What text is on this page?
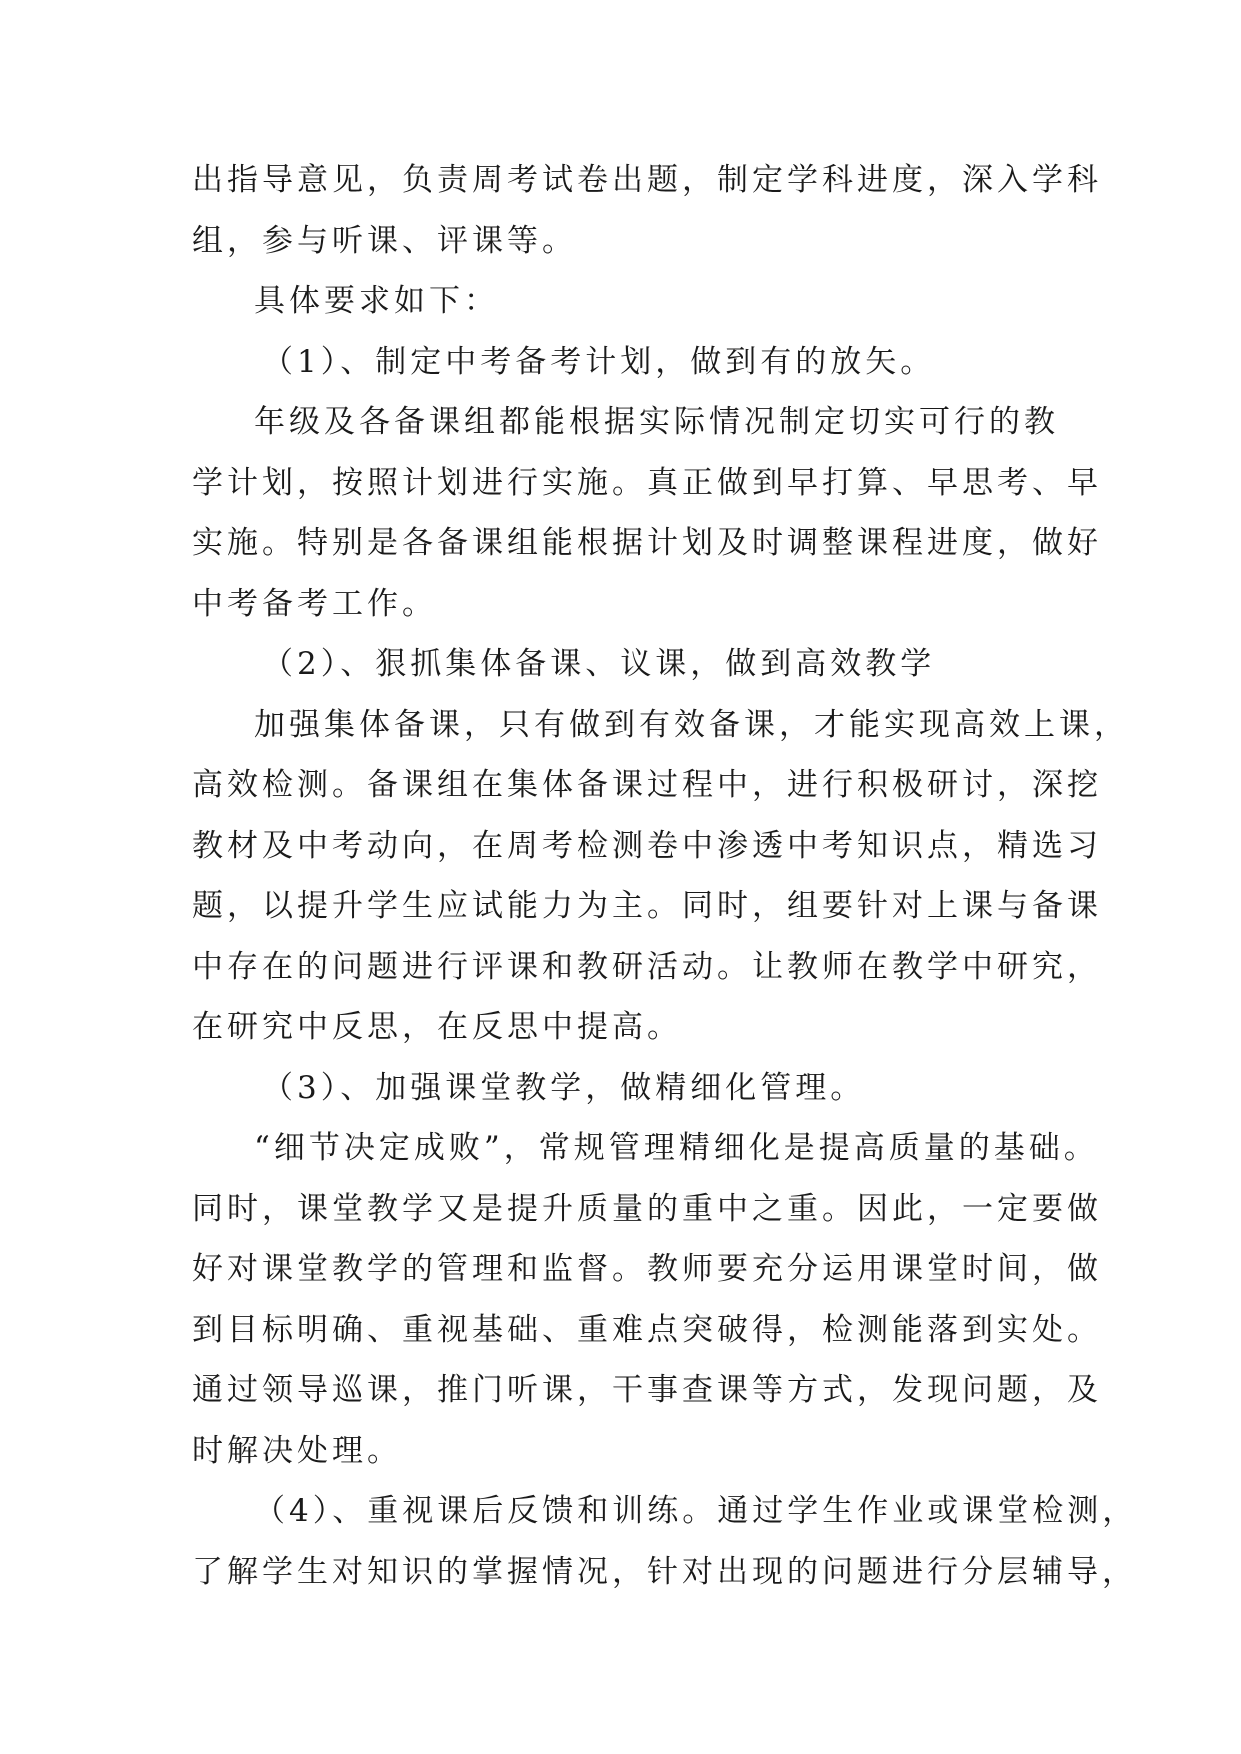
出指导意见，负责周考试卷出题，制定学科进度，深入学科
组，参与听课、评课等。
具体要求如下：
（1）、制定中考备考计划，做到有的放矢。
年级及各备课组都能根据实际情况制定切实可行的教
学计划，按照计划进行实施。真正做到早打算、早思考、早
实施。特别是各备课组能根据计划及时调整课程进度，做好
中考备考工作。
（2）、狠抓集体备课、议课，做到高效教学
加强集体备课，只有做到有效备课，才能实现高效上课，
高效检测。备课组在集体备课过程中，进行积极研讨，深挖
教材及中考动向，在周考检测卷中渗透中考知识点，精选习
题，以提升学生应试能力为主。同时，组要针对上课与备课
中存在的问题进行评课和教研活动。让教师在教学中研究，
在研究中反思，在反思中提高。
（3）、加强课堂教学，做精细化管理。
“细节决定成败”，常规管理精细化是提高质量的基础。
同时，课堂教学又是提升质量的重中之重。因此，一定要做
好对课堂教学的管理和监督。教师要充分运用课堂时间，做
到目标明确、重视基础、重难点突破得，检测能落到实处。
通过领导巡课，推门听课，干事查课等方式，发现问题，及
时解决处理。
（4）、重视课后反馈和训练。通过学生作业或课堂检测，
了解学生对知识的掌握情况，针对出现的问题进行分层辅导，
